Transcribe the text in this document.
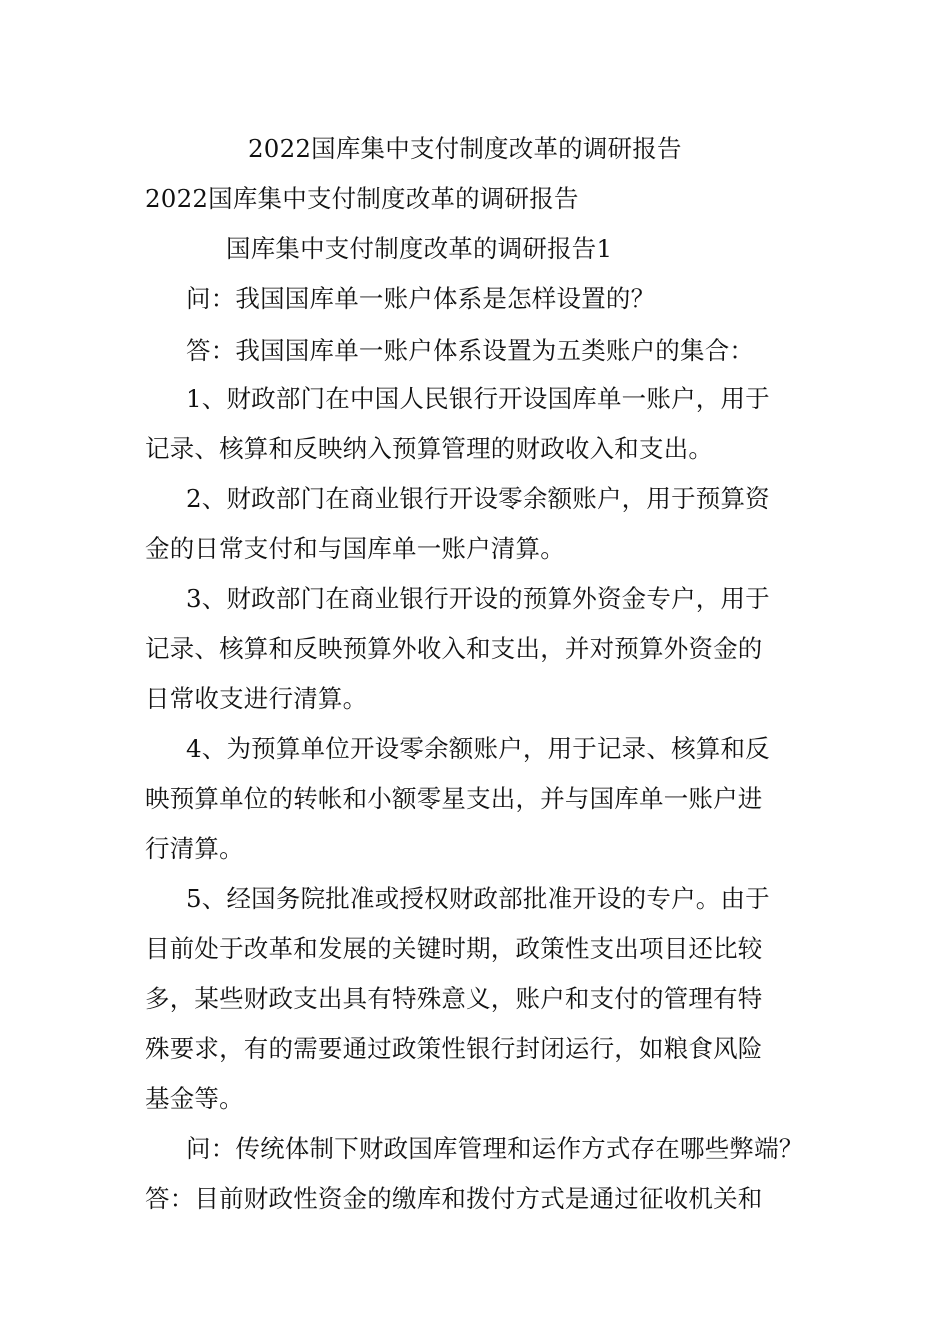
2022国库集中支付制度改革的调研报告
2022国库集中支付制度改革的调研报告
国库集中支付制度改革的调研报告1
问：我国国库单一账户体系是怎样设置的？
答：我国国库单一账户体系设置为五类账户的集合：
1、财政部门在中国人民银行开设国库单一账户，用于
记录、核算和反映纳入预算管理的财政收入和支出。
2、财政部门在商业银行开设零余额账户，用于预算资
金的日常支付和与国库单一账户清算。
3、财政部门在商业银行开设的预算外资金专户，用于
记录、核算和反映预算外收入和支出，并对预算外资金的
日常收支进行清算。
4、为预算单位开设零余额账户，用于记录、核算和反
映预算单位的转帐和小额零星支出，并与国库单一账户进
行清算。
5、经国务院批准或授权财政部批准开设的专户。由于
目前处于改革和发展的关键时期，政策性支出项目还比较
多，某些财政支出具有特殊意义，账户和支付的管理有特
殊要求，有的需要通过政策性银行封闭运行，如粮食风险
基金等。
问：传统体制下财政国库管理和运作方式存在哪些弊端？
答：目前财政性资金的缴库和拨付方式是通过征收机关和
